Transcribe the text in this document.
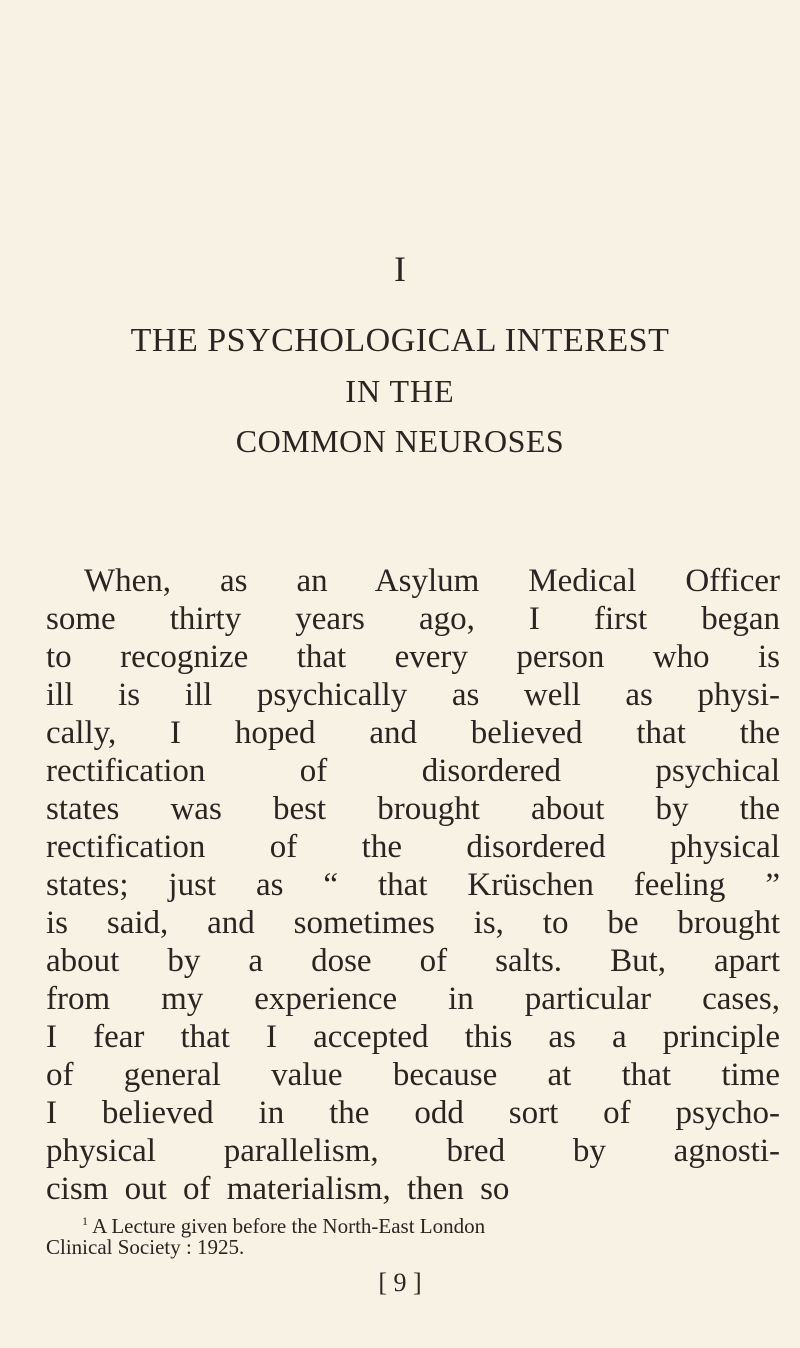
I
THE PSYCHOLOGICAL INTEREST
IN THE
COMMON NEUROSES
When, as an Asylum Medical Officer
some thirty years ago, I first began
to recognize that every person who is
ill is ill psychically as well as physi-
cally, I hoped and believed that the
rectification of disordered psychical
states was best brought about by the
rectification of the disordered physical
states; just as “ that Krüschen feeling ”
is said, and sometimes is, to be brought
about by a dose of salts. But, apart
from my experience in particular cases,
I fear that I accepted this as a principle
of general value because at that time
I believed in the odd sort of psycho-
physical parallelism, bred by agnosti-
cism out of materialism, then so
$^1$ A Lecture given before the North-East London
Clinical Society : 1925.
[ 9 ]
